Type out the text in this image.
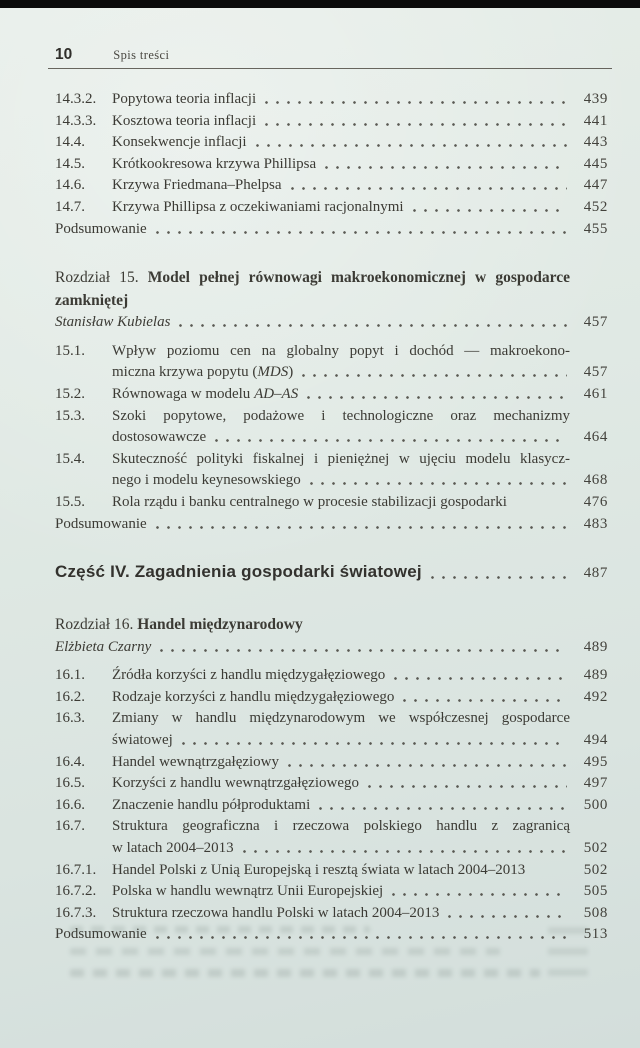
10	Spis treści
14.3.2.	Popytowa teoria inflacji	439
14.3.3.	Kosztowa teoria inflacji	441
14.4.	Konsekwencje inflacji	443
14.5.	Krótkookresowa krzywa Phillipsa	445
14.6.	Krzywa Friedmana–Phelpsa	447
14.7.	Krzywa Phillipsa z oczekiwaniami racjonalnymi	452
Podsumowanie	455
Rozdział 15. Model pełnej równowagi makroekonomicznej w gospodarce
zamkniętej
Stanisław Kubielas	457
15.1.	Wpływ poziomu cen na globalny popyt i dochód — makroekono-
miczna krzywa popytu (MDS)	457
15.2.	Równowaga w modelu AD–AS	461
15.3.	Szoki popytowe, podażowe i technologiczne oraz mechanizmy
dostosowawcze	464
15.4.	Skuteczność polityki fiskalnej i pieniężnej w ujęciu modelu klasycz-
nego i modelu keynesowskiego	468
15.5.	Rola rządu i banku centralnego w procesie stabilizacji gospodarki	476
Podsumowanie	483
Część IV. Zagadnienia gospodarki światowej	487
Rozdział 16. Handel międzynarodowy
Elżbieta Czarny	489
16.1.	Źródła korzyści z handlu międzygałęziowego	489
16.2.	Rodzaje korzyści z handlu międzygałęziowego	492
16.3.	Zmiany w handlu międzynarodowym we współczesnej gospodarce
światowej	494
16.4.	Handel wewnątrzgałęziowy	495
16.5.	Korzyści z handlu wewnątrzgałęziowego	497
16.6.	Znaczenie handlu półproduktami	500
16.7.	Struktura geograficzna i rzeczowa polskiego handlu z zagranicą
w latach 2004–2013	502
16.7.1.	Handel Polski z Unią Europejską i resztą świata w latach 2004–2013	502
16.7.2.	Polska w handlu wewnątrz Unii Europejskiej	505
16.7.3.	Struktura rzeczowa handlu Polski w latach 2004–2013	508
Podsumowanie	513
